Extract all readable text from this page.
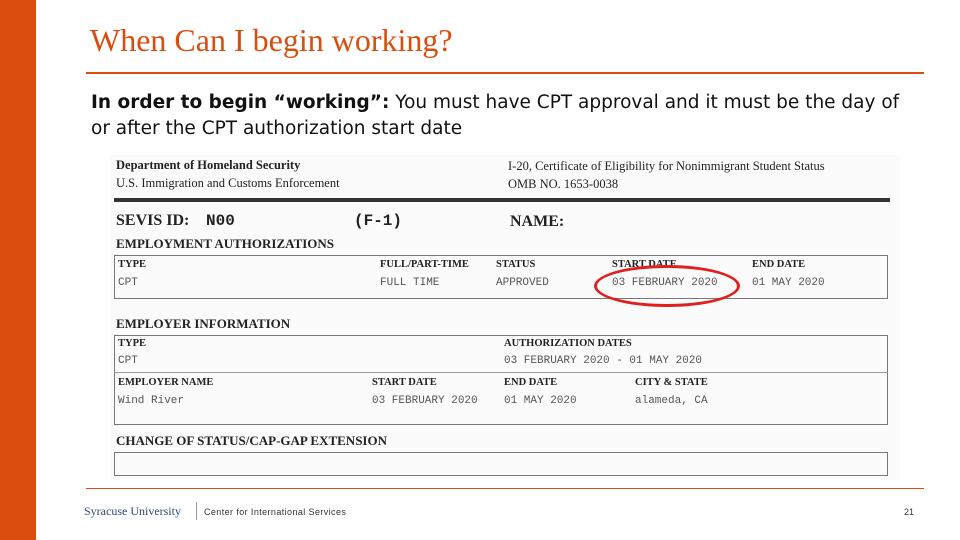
When Can I begin working?
In order to begin “working”: You must have CPT approval and it must be the day of or after the CPT authorization start date
Department of Homeland Security
U.S. Immigration and Customs Enforcement
I-20, Certificate of Eligibility for Nonimmigrant Student Status
OMB NO. 1653-0038
SEVIS ID: N00	(F-1)	NAME:
EMPLOYMENT AUTHORIZATIONS
TYPE	FULL/PART-TIME	STATUS	START DATE	END DATE
CPT	FULL TIME	APPROVED	03 FEBRUARY 2020	01 MAY 2020
EMPLOYER INFORMATION
TYPE	AUTHORIZATION DATES
CPT	03 FEBRUARY 2020 - 01 MAY 2020
EMPLOYER NAME	START DATE	END DATE	CITY & STATE
Wind River	03 FEBRUARY 2020 01 MAY 2020	alameda, CA
CHANGE OF STATUS/CAP-GAP EXTENSION
Syracuse University	Center for International Services	21
